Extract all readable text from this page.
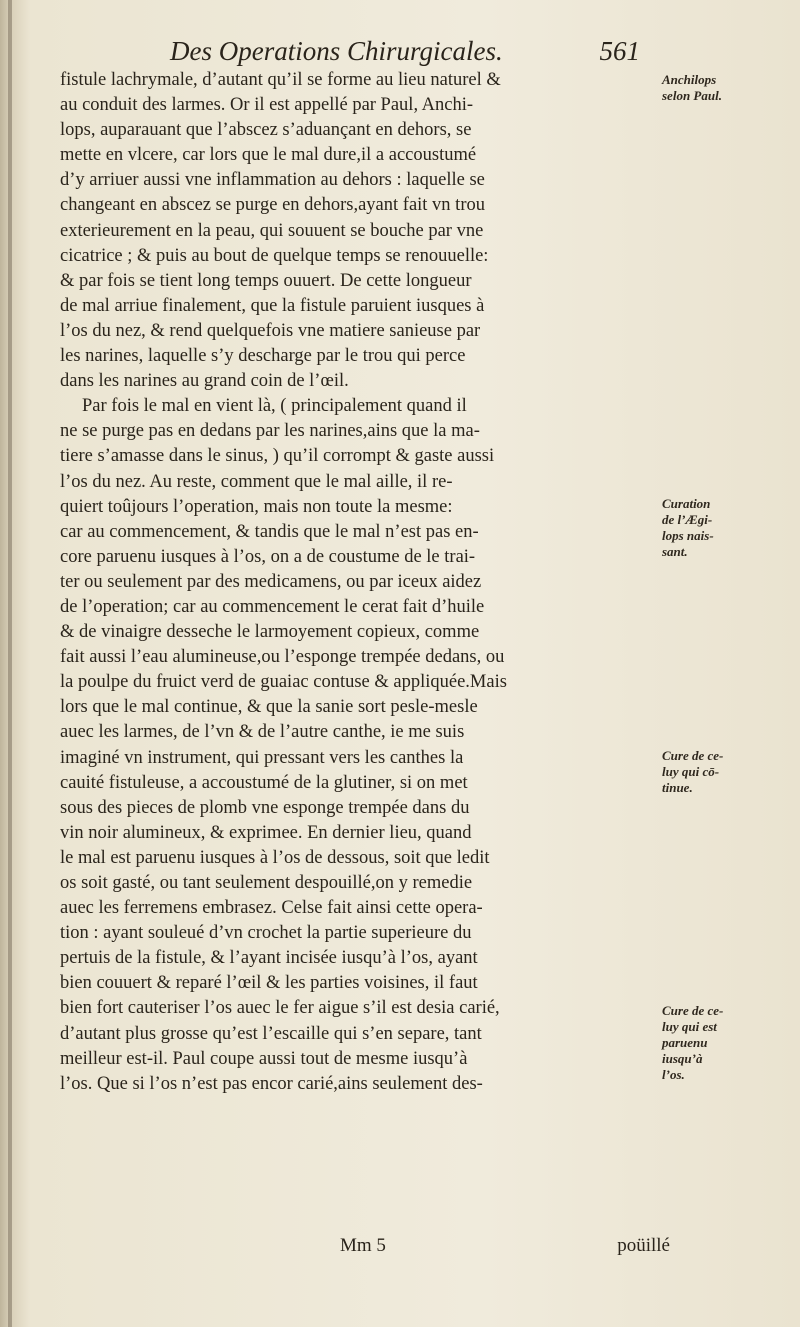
Des Operations Chirurgicales.	561
fistule lachrymale, d’autant qu’il se forme au lieu naturel &
au conduit des larmes. Or il est appellé par Paul, Anchi-
lops, auparauant que l’abscez s’aduançant en dehors, se
mette en vlcere, car lors que le mal dure,il a accoustumé
d’y arriuer aussi vne inflammation au dehors : laquelle se
changeant en abscez se purge en dehors,ayant fait vn trou
exterieurement en la peau, qui souuent se bouche par vne
cicatrice ; & puis au bout de quelque temps se renouuelle:
& par fois se tient long temps ouuert. De cette longueur
de mal arriue finalement, que la fistule paruient iusques à
l’os du nez, & rend quelquefois vne matiere sanieuse par
les narines, laquelle s’y descharge par le trou qui perce
dans les narines au grand coin de l’œil.
Par fois le mal en vient là, ( principalement quand il
ne se purge pas en dedans par les narines,ains que la ma-
tiere s’amasse dans le sinus, ) qu’il corrompt & gaste aussi
l’os du nez. Au reste, comment que le mal aille, il re-
quiert toûjours l’operation, mais non toute la mesme:
car au commencement, & tandis que le mal n’est pas en-
core paruenu iusques à l’os, on a de coustume de le trai-
ter ou seulement par des medicamens, ou par iceux aidez
de l’operation; car au commencement le cerat fait d’huile
& de vinaigre desseche le larmoyement copieux, comme
fait aussi l’eau alumineuse,ou l’esponge trempée dedans, ou
la poulpe du fruict verd de guaiac contuse & appliquée.Mais
lors que le mal continue, & que la sanie sort pesle-mesle
auec les larmes, de l’vn & de l’autre canthe, ie me suis
imaginé vn instrument, qui pressant vers les canthes la
cauité fistuleuse, a accoustumé de la glutiner, si on met
sous des pieces de plomb vne esponge trempée dans du
vin noir alumineux, & exprimee. En dernier lieu, quand
le mal est paruenu iusques à l’os de dessous, soit que ledit
os soit gasté, ou tant seulement despouillé,on y remedie
auec les ferremens embrasez. Celse fait ainsi cette opera-
tion : ayant souleué d’vn crochet la partie superieure du
pertuis de la fistule, & l’ayant incisée iusqu’à l’os, ayant
bien couuert & reparé l’œil & les parties voisines, il faut
bien fort cauteriser l’os auec le fer aigue s’il est desia carié,
d’autant plus grosse qu’est l’escaille qui s’en separe, tant
meilleur est-il. Paul coupe aussi tout de mesme iusqu’à
l’os. Que si l’os n’est pas encor carié,ains seulement des-
Anchilops
selon Paul.
Curation
de l’Ægi-
lops nais-
sant.
Cure de ce-
luy qui cō-
tinue.
Cure de ce-
luy qui est
paruenu
iusqu’à
l’os.
Mm 5	poüillé
